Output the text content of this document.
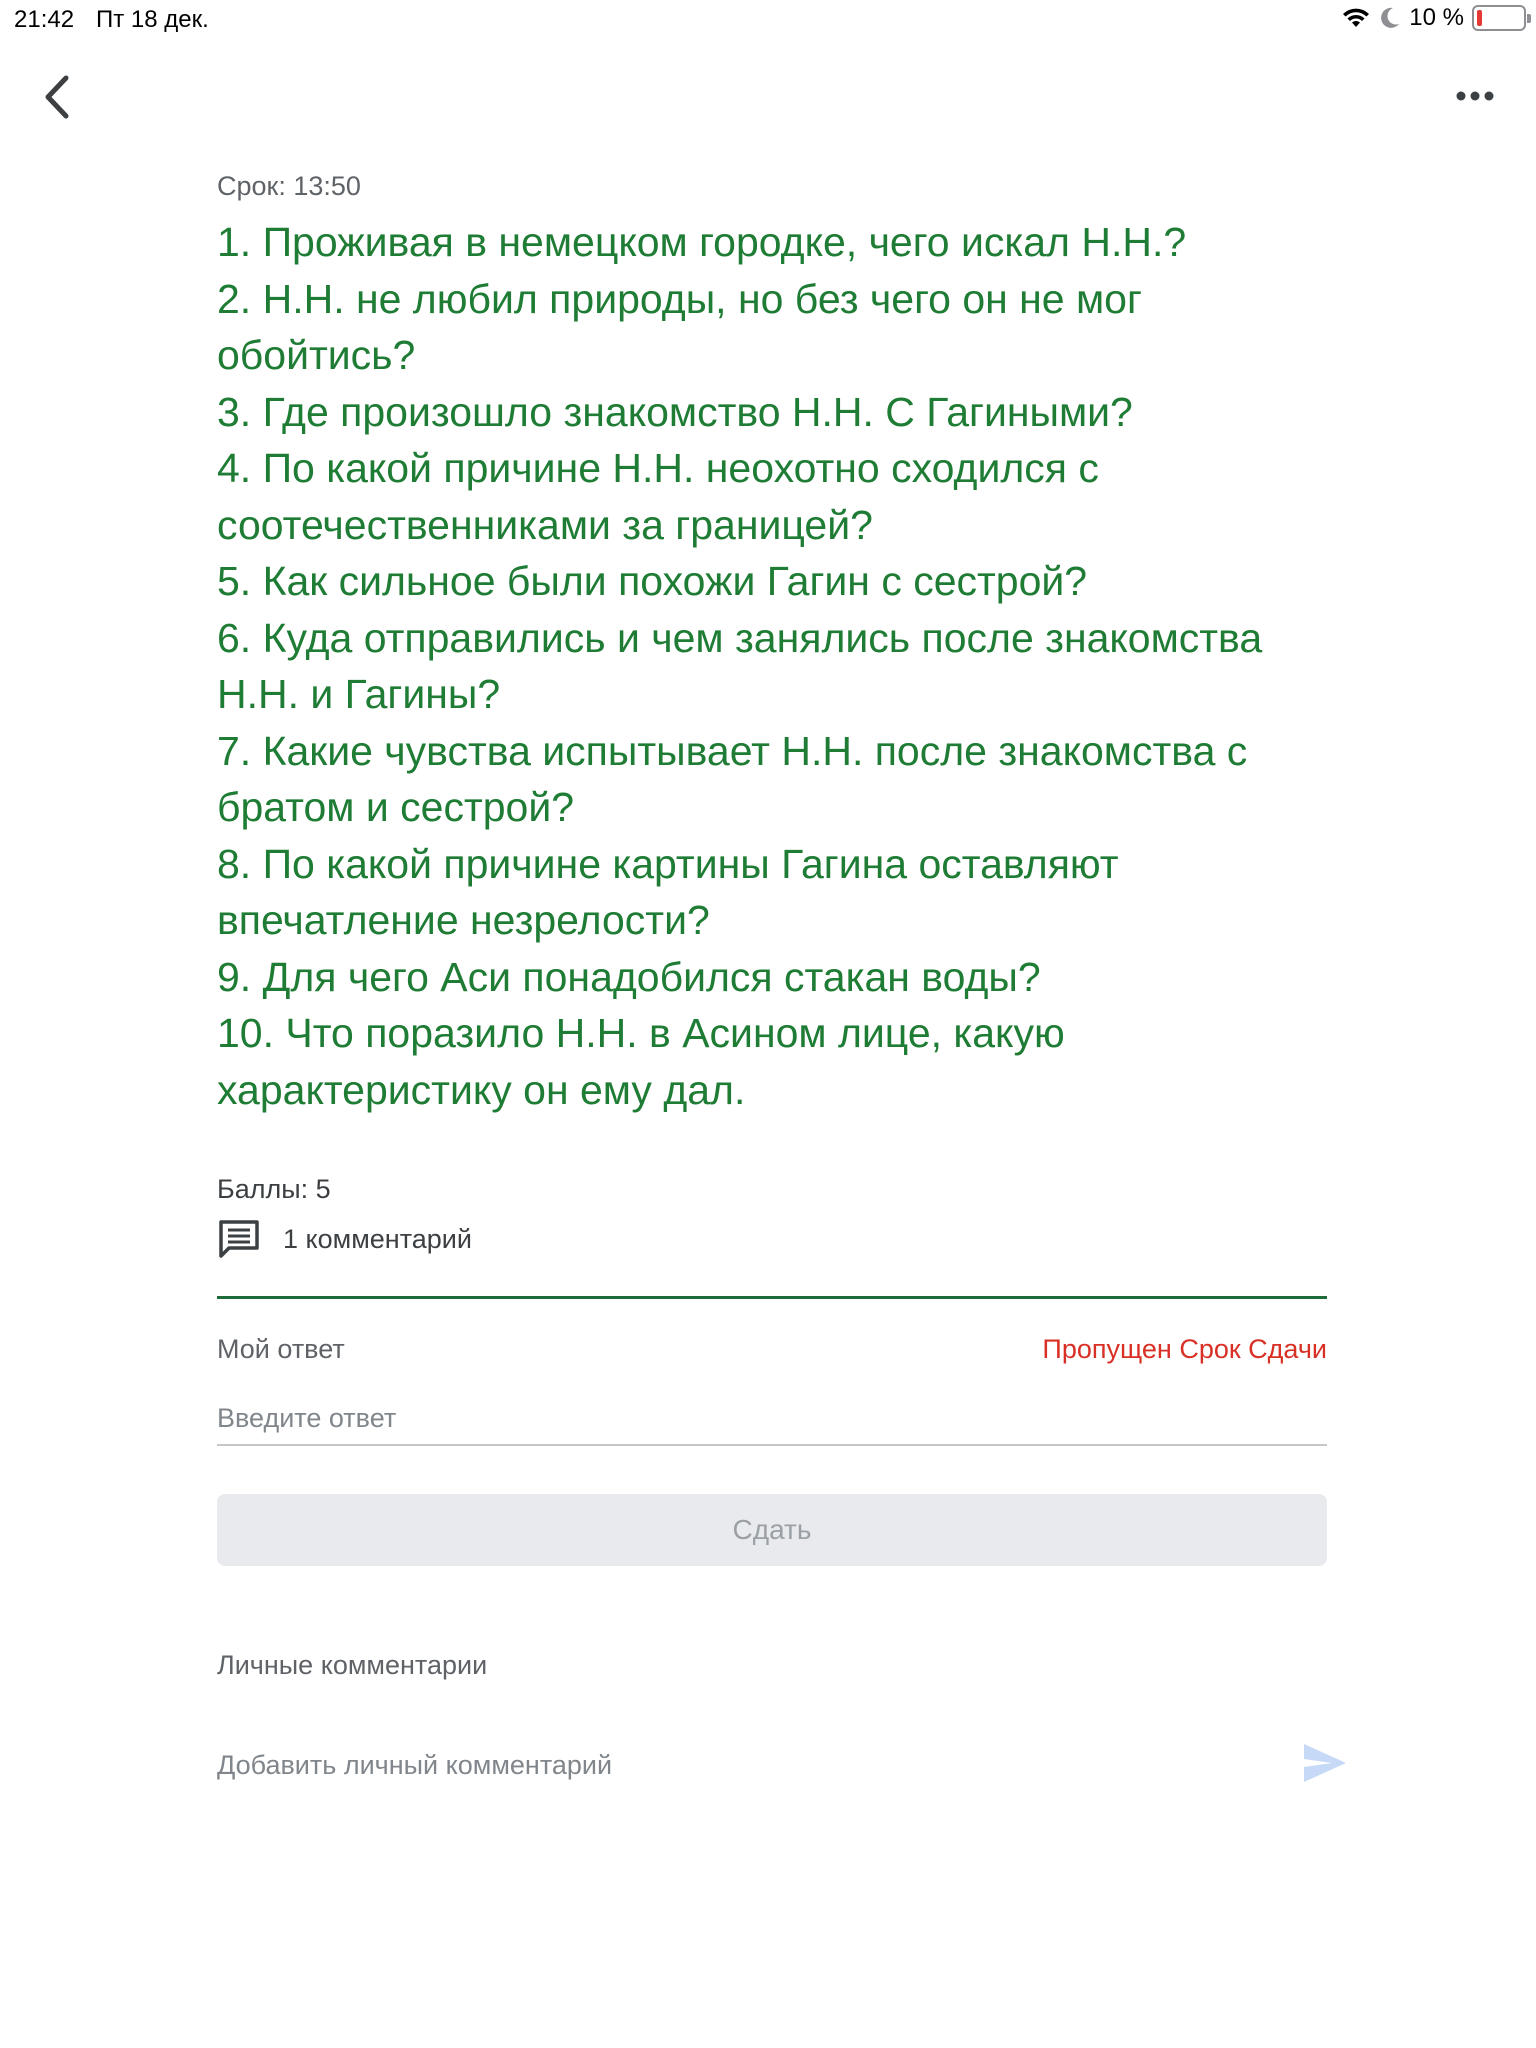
21:42 Пт 18 дек.	10 %
Срок: 13:50
1. Проживая в немецком городке, чего искал Н.Н.?
2. Н.Н. не любил природы, но без чего он не мог обойтись?
3. Где произошло знакомство Н.Н. С Гагиными?
4. По какой причине Н.Н. неохотно сходился с соотечественниками за границей?
5. Как сильное были похожи Гагин с сестрой?
6. Куда отправились и чем занялись после знакомства Н.Н. и Гагины?
7. Какие чувства испытывает Н.Н. после знакомства с братом и сестрой?
8. По какой причине картины Гагина оставляют впечатление незрелости?
9. Для чего Аси понадобился стакан воды?
10. Что поразило Н.Н. в Асином лице, какую характеристику он ему дал.
Баллы: 5
1 комментарий
Мой ответ	Пропущен Срок Сдачи
Введите ответ
Сдать
Личные комментарии
Добавить личный комментарий
